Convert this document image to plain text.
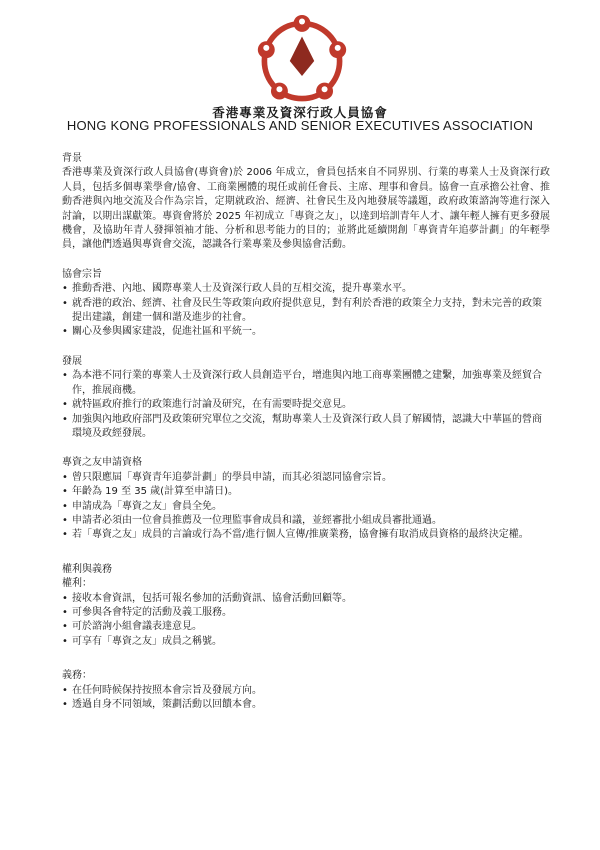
香港專業及資深行政人員協會
HONG KONG PROFESSIONALS AND SENIOR EXECUTIVES ASSOCIATION
背景

香港專業及資深行政人員協會(專資會)於 2006 年成立，會員包括來自不同界別、行業的專業人士及資深行政人員，包括多個專業學會/協會、工商業團體的現任或前任會長、主席、理事和會員。協會一直承擔公社會、推動香港與內地交流及合作為宗旨，定期就政治、經濟、社會民生及內地發展等議題，政府政策諮詢等進行深入討論，以期出謀獻策。專資會將於 2025 年初成立「專資之友」，以達到培訓青年人才、讓年輕人擁有更多發展機會，及協助年青人發揮領袖才能、分析和思考能力的目的；並將此延續開創「專資青年追夢計劃」的年輕學員，讓他們透過與專資會交流，認識各行業專業及參與協會活動。

協會宗旨
• 推動香港、內地、國際專業人士及資深行政人員的互相交流，提升專業水平。
• 就香港的政治、經濟、社會及民生等政策向政府提供意見，對有利於香港的政策全力支持，對未完善的政策提出建議，創建一個和諧及進步的社會。
• 關心及參與國家建設，促進社區和平統一。
發展
• 為本港不同行業的專業人士及資深行政人員創造平台，增進與內地工商專業團體之建繫，加強專業及經貿合作，推展商機。
• 就特區政府推行的政策進行討論及研究，在有需要時提交意見。
• 加強與內地政府部門及政策研究單位之交流，幫助專業人士及資深行政人員了解國情，認識大中華區的營商環境及政經發展。
專資之友申請資格
• 曾只限應屆「專資青年追夢計劃」的學員申請，而其必須認同協會宗旨。
• 年齡為 19 至 35 歲(計算至申請日)。
• 申請成為「專資之友」會員全免。
• 申請者必須由一位會員推薦及一位理監事會成員和議，並經審批小組成員審批通過。
• 若「專資之友」成員的言論或行為不當/進行個人宣傳/推廣業務，協會擁有取消成員資格的最終決定權。
權利與義務
權利：
• 接收本會資訊，包括可報名參加的活動資訊、協會活動回顧等。
• 可參與各會特定的活動及義工服務。
• 可於諮詢小組會議表達意見。
• 可享有「專資之友」成員之稱號。
義務：
• 在任何時候保持按照本會宗旨及發展方向。
• 透過自身不同領域，策劃活動以回饋本會。
